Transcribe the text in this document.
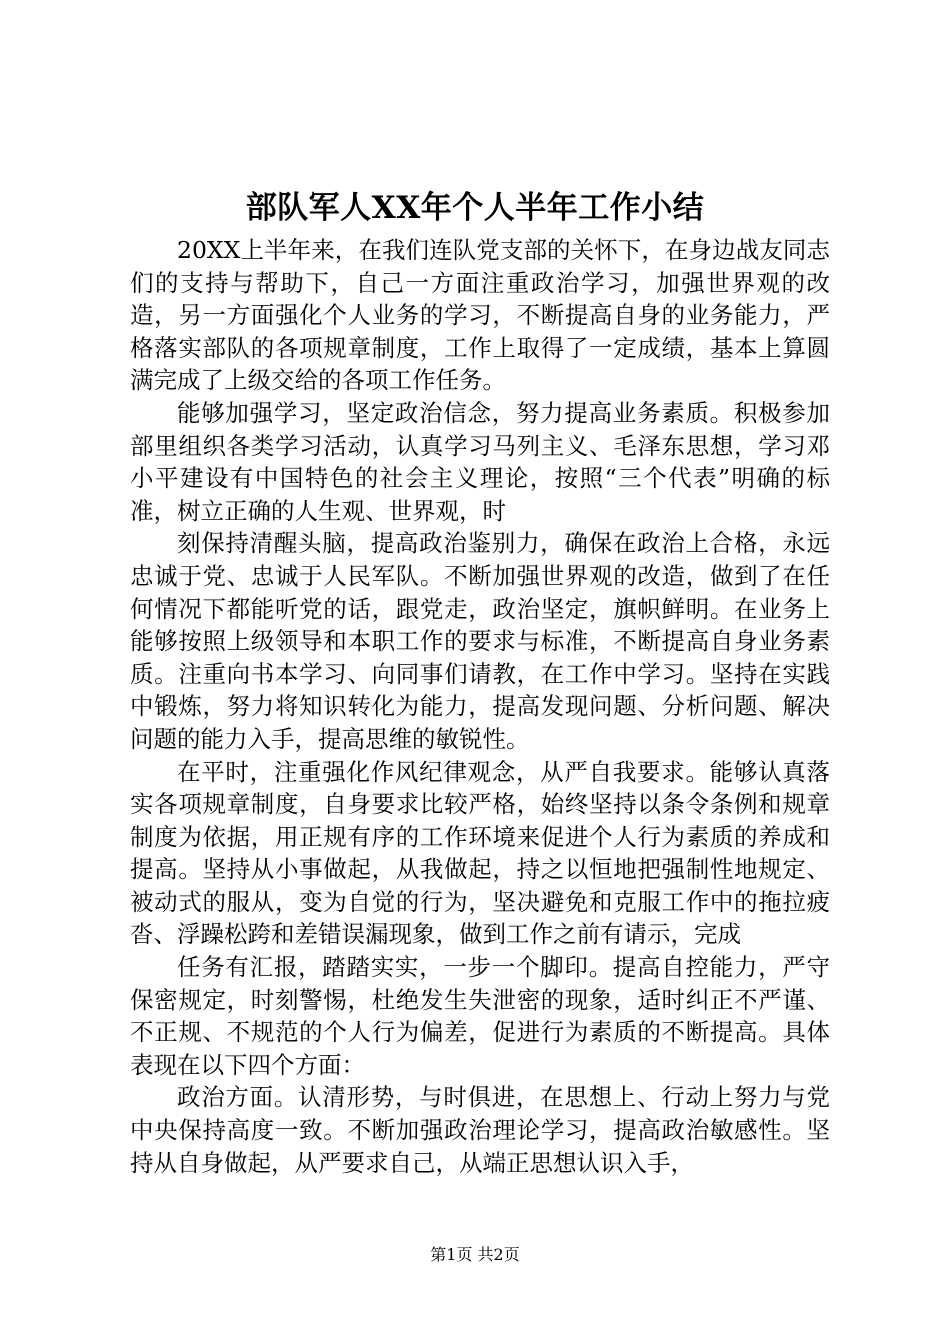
部队军人XX年个人半年工作小结

20XX上半年来，在我们连队党支部的关怀下，在身边战友同志们的支持与帮助下，自己一方面注重政治学习，加强世界观的改造，另一方面强化个人业务的学习，不断提高自身的业务能力，严格落实部队的各项规章制度，工作上取得了一定成绩，基本上算圆满完成了上级交给的各项工作任务。

能够加强学习，坚定政治信念，努力提高业务素质。积极参加部里组织各类学习活动，认真学习马列主义、毛泽东思想，学习邓小平建设有中国特色的社会主义理论，按照“三个代表”明确的标准，树立正确的人生观、世界观，时

刻保持清醒头脑，提高政治鉴别力，确保在政治上合格，永远忠诚于党、忠诚于人民军队。不断加强世界观的改造，做到了在任何情况下都能听党的话，跟党走，政治坚定，旗帜鲜明。在业务上能够按照上级领导和本职工作的要求与标准，不断提高自身业务素质。注重向书本学习、向同事们请教，在工作中学习。坚持在实践中锻炼，努力将知识转化为能力，提高发现问题、分析问题、解决问题的能力入手，提高思维的敏锐性。

在平时，注重强化作风纪律观念，从严自我要求。能够认真落实各项规章制度，自身要求比较严格，始终坚持以条令条例和规章制度为依据，用正规有序的工作环境来促进个人行为素质的养成和提高。坚持从小事做起，从我做起，持之以恒地把强制性地规定、被动式的服从，变为自觉的行为，坚决避免和克服工作中的拖拉疲沓、浮躁松跨和差错误漏现象，做到工作之前有请示，完成

任务有汇报，踏踏实实，一步一个脚印。提高自控能力，严守保密规定，时刻警惕，杜绝发生失泄密的现象，适时纠正不严谨、不正规、不规范的个人行为偏差，促进行为素质的不断提高。具体表现在以下四个方面：

政治方面。认清形势，与时俱进，在思想上、行动上努力与党中央保持高度一致。不断加强政治理论学习，提高政治敏感性。坚持从自身做起，从严要求自己，从端正思想认识入手，

第1页 共2页
